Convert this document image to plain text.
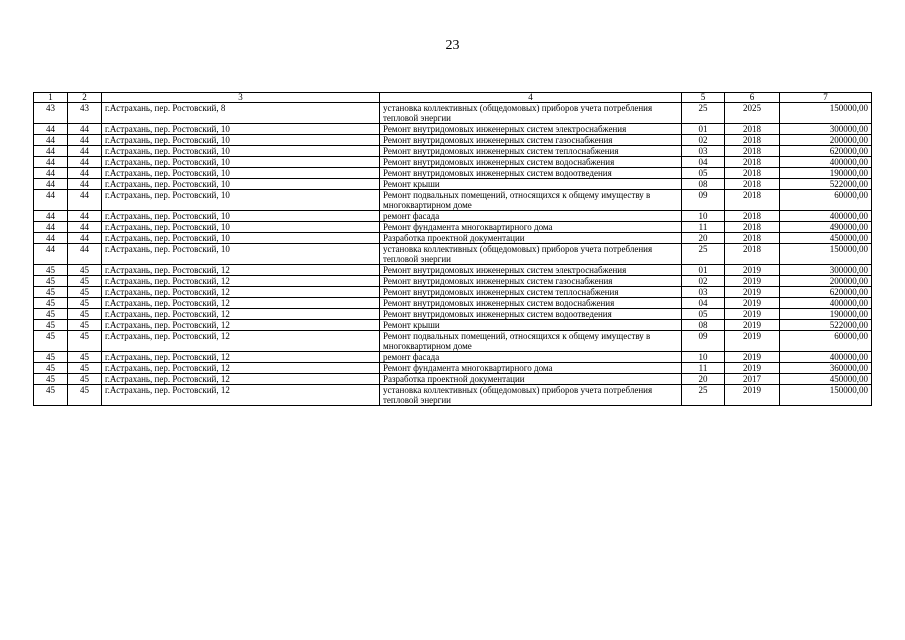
23
1	2	3	4	5	6	7
43	43	г.Астрахань, пер. Ростовский, 8	установка коллективных (общедомовых) приборов учета потребления тепловой энергии	25	2025	150000,00
44	44	г.Астрахань, пер. Ростовский, 10	Ремонт внутридомовых инженерных систем электроснабжения	01	2018	300000,00
44	44	г.Астрахань, пер. Ростовский, 10	Ремонт внутридомовых инженерных систем газоснабжения	02	2018	200000,00
44	44	г.Астрахань, пер. Ростовский, 10	Ремонт внутридомовых инженерных систем теплоснабжения	03	2018	620000,00
44	44	г.Астрахань, пер. Ростовский, 10	Ремонт внутридомовых инженерных систем водоснабжения	04	2018	400000,00
44	44	г.Астрахань, пер. Ростовский, 10	Ремонт внутридомовых инженерных систем водоотведения	05	2018	190000,00
44	44	г.Астрахань, пер. Ростовский, 10	Ремонт крыши	08	2018	522000,00
44	44	г.Астрахань, пер. Ростовский, 10	Ремонт подвальных помещений, относящихся к общему имуществу в многоквартирном доме	09	2018	60000,00
44	44	г.Астрахань, пер. Ростовский, 10	ремонт фасада	10	2018	400000,00
44	44	г.Астрахань, пер. Ростовский, 10	Ремонт фундамента многоквартирного дома	11	2018	490000,00
44	44	г.Астрахань, пер. Ростовский, 10	Разработка проектной документации	20	2018	450000,00
44	44	г.Астрахань, пер. Ростовский, 10	установка коллективных (общедомовых) приборов учета потребления тепловой энергии	25	2018	150000,00
45	45	г.Астрахань, пер. Ростовский, 12	Ремонт внутридомовых инженерных систем электроснабжения	01	2019	300000,00
45	45	г.Астрахань, пер. Ростовский, 12	Ремонт внутридомовых инженерных систем газоснабжения	02	2019	200000,00
45	45	г.Астрахань, пер. Ростовский, 12	Ремонт внутридомовых инженерных систем теплоснабжения	03	2019	620000,00
45	45	г.Астрахань, пер. Ростовский, 12	Ремонт внутридомовых инженерных систем водоснабжения	04	2019	400000,00
45	45	г.Астрахань, пер. Ростовский, 12	Ремонт внутридомовых инженерных систем водоотведения	05	2019	190000,00
45	45	г.Астрахань, пер. Ростовский, 12	Ремонт крыши	08	2019	522000,00
45	45	г.Астрахань, пер. Ростовский, 12	Ремонт подвальных помещений, относящихся к общему имуществу в многоквартирном доме	09	2019	60000,00
45	45	г.Астрахань, пер. Ростовский, 12	ремонт фасада	10	2019	400000,00
45	45	г.Астрахань, пер. Ростовский, 12	Ремонт фундамента многоквартирного дома	11	2019	360000,00
45	45	г.Астрахань, пер. Ростовский, 12	Разработка проектной документации	20	2017	450000,00
45	45	г.Астрахань, пер. Ростовский, 12	установка коллективных (общедомовых) приборов учета потребления тепловой энергии	25	2019	150000,00
